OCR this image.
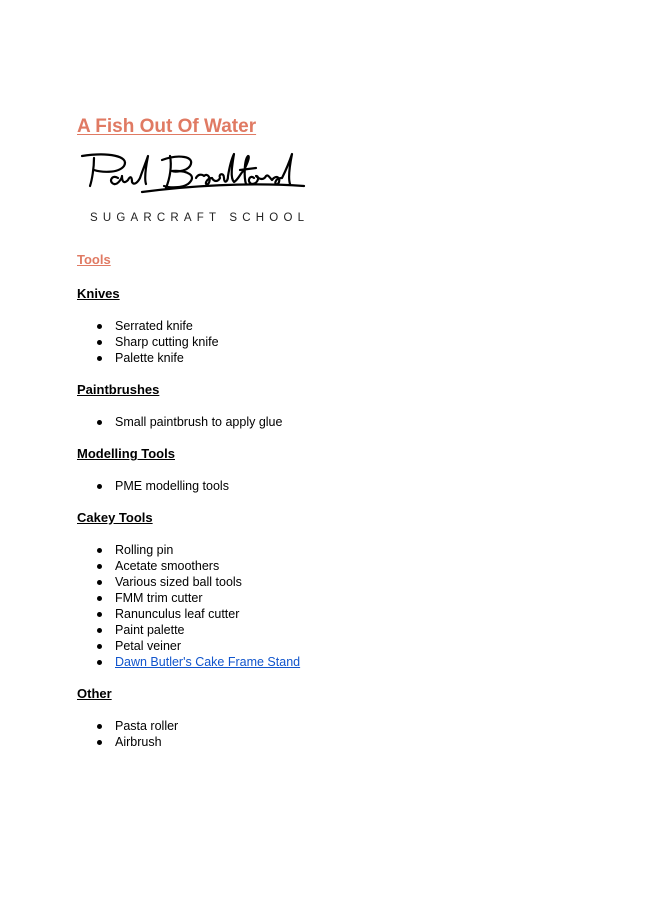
A Fish Out Of Water
SUGARCRAFT SCHOOL
Tools
Knives
Serrated knife
Sharp cutting knife
Palette knife
Paintbrushes
Small paintbrush to apply glue
Modelling Tools
PME modelling tools
Cakey Tools
Rolling pin
Acetate smoothers
Various sized ball tools
FMM trim cutter
Ranunculus leaf cutter
Paint palette
Petal veiner
Dawn Butler's Cake Frame Stand
Other
Pasta roller
Airbrush
